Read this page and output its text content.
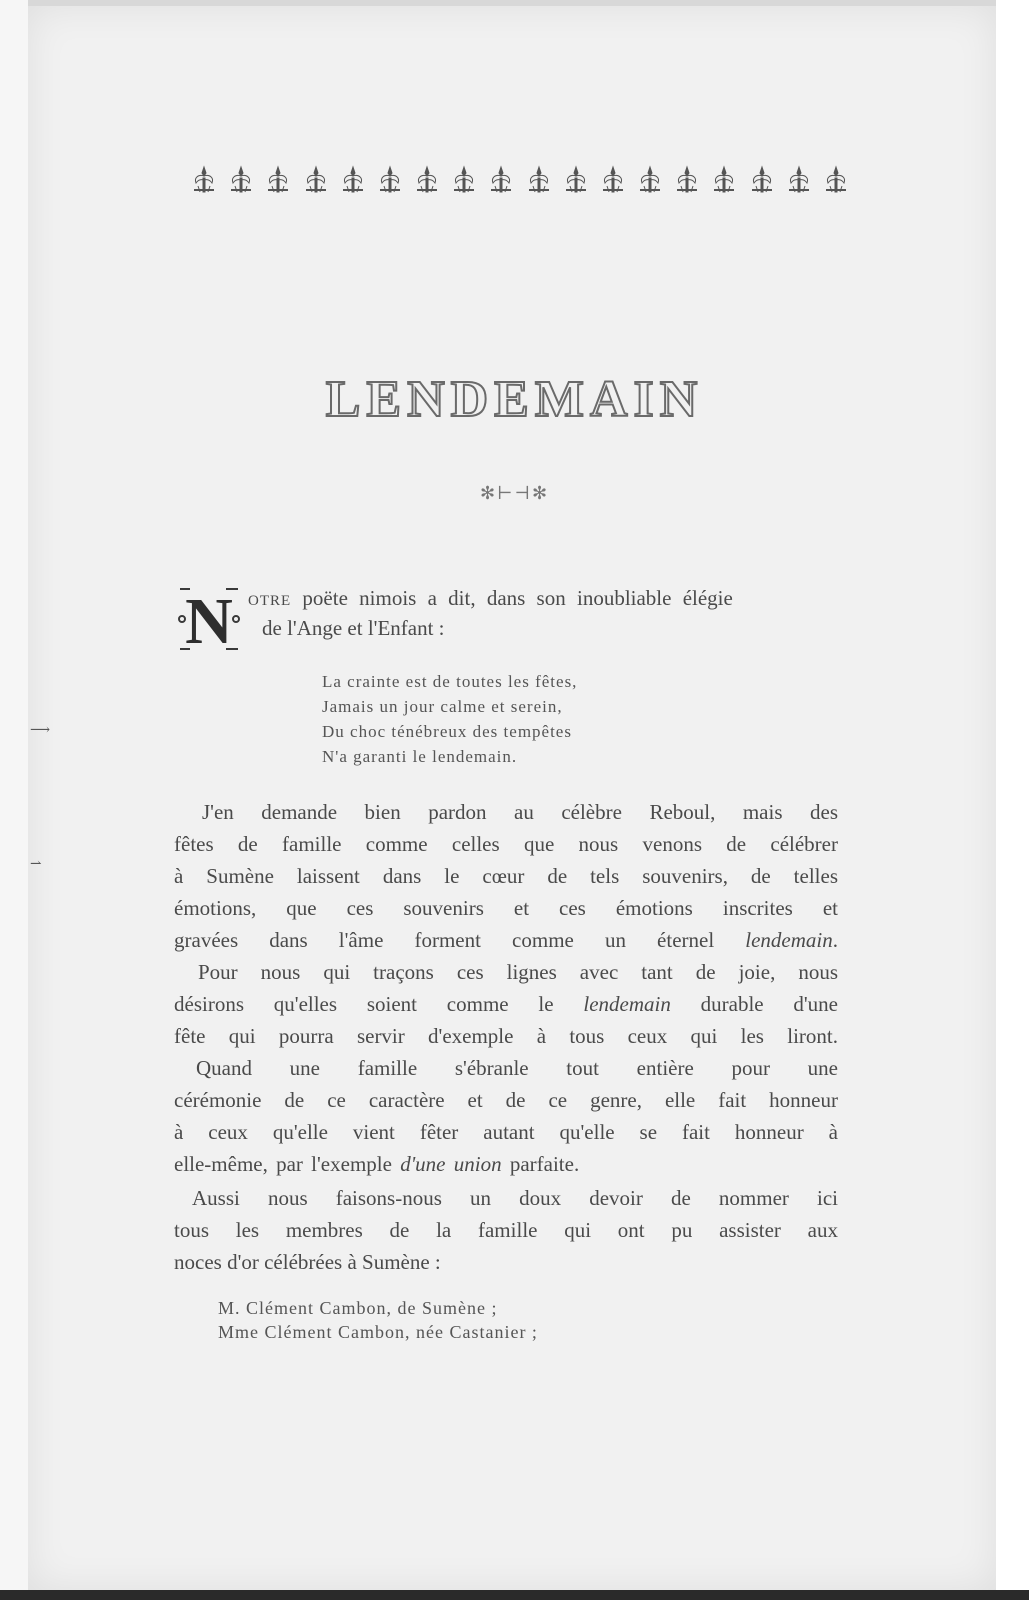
⟶
⇀
LENDEMAIN
✻⊢⊣✻
N otre poëte nimois a dit, dans son inoubliable élégie
de l'Ange et l'Enfant :
La crainte est de toutes les fêtes,
Jamais un jour calme et serein,
Du choc ténébreux des tempêtes
N'a garanti le lendemain.
J'en demande bien pardon au célèbre Reboul, mais des
fêtes de famille comme celles que nous venons de célébrer
à Sumène laissent dans le cœur de tels souvenirs, de telles
émotions, que ces souvenirs et ces émotions inscrites et
gravées dans l'âme forment comme un éternel lendemain.
Pour nous qui traçons ces lignes avec tant de joie, nous
désirons qu'elles soient comme le lendemain durable d'une
fête qui pourra servir d'exemple à tous ceux qui les liront.
Quand une famille s'ébranle tout entière pour une
cérémonie de ce caractère et de ce genre, elle fait honneur
à ceux qu'elle vient fêter autant qu'elle se fait honneur à
elle-même, par l'exemple d'une union parfaite.
Aussi nous faisons-nous un doux devoir de nommer ici
tous les membres de la famille qui ont pu assister aux
noces d'or célébrées à Sumène :
M. Clément Cambon, de Sumène ;
Mme Clément Cambon, née Castanier ;
